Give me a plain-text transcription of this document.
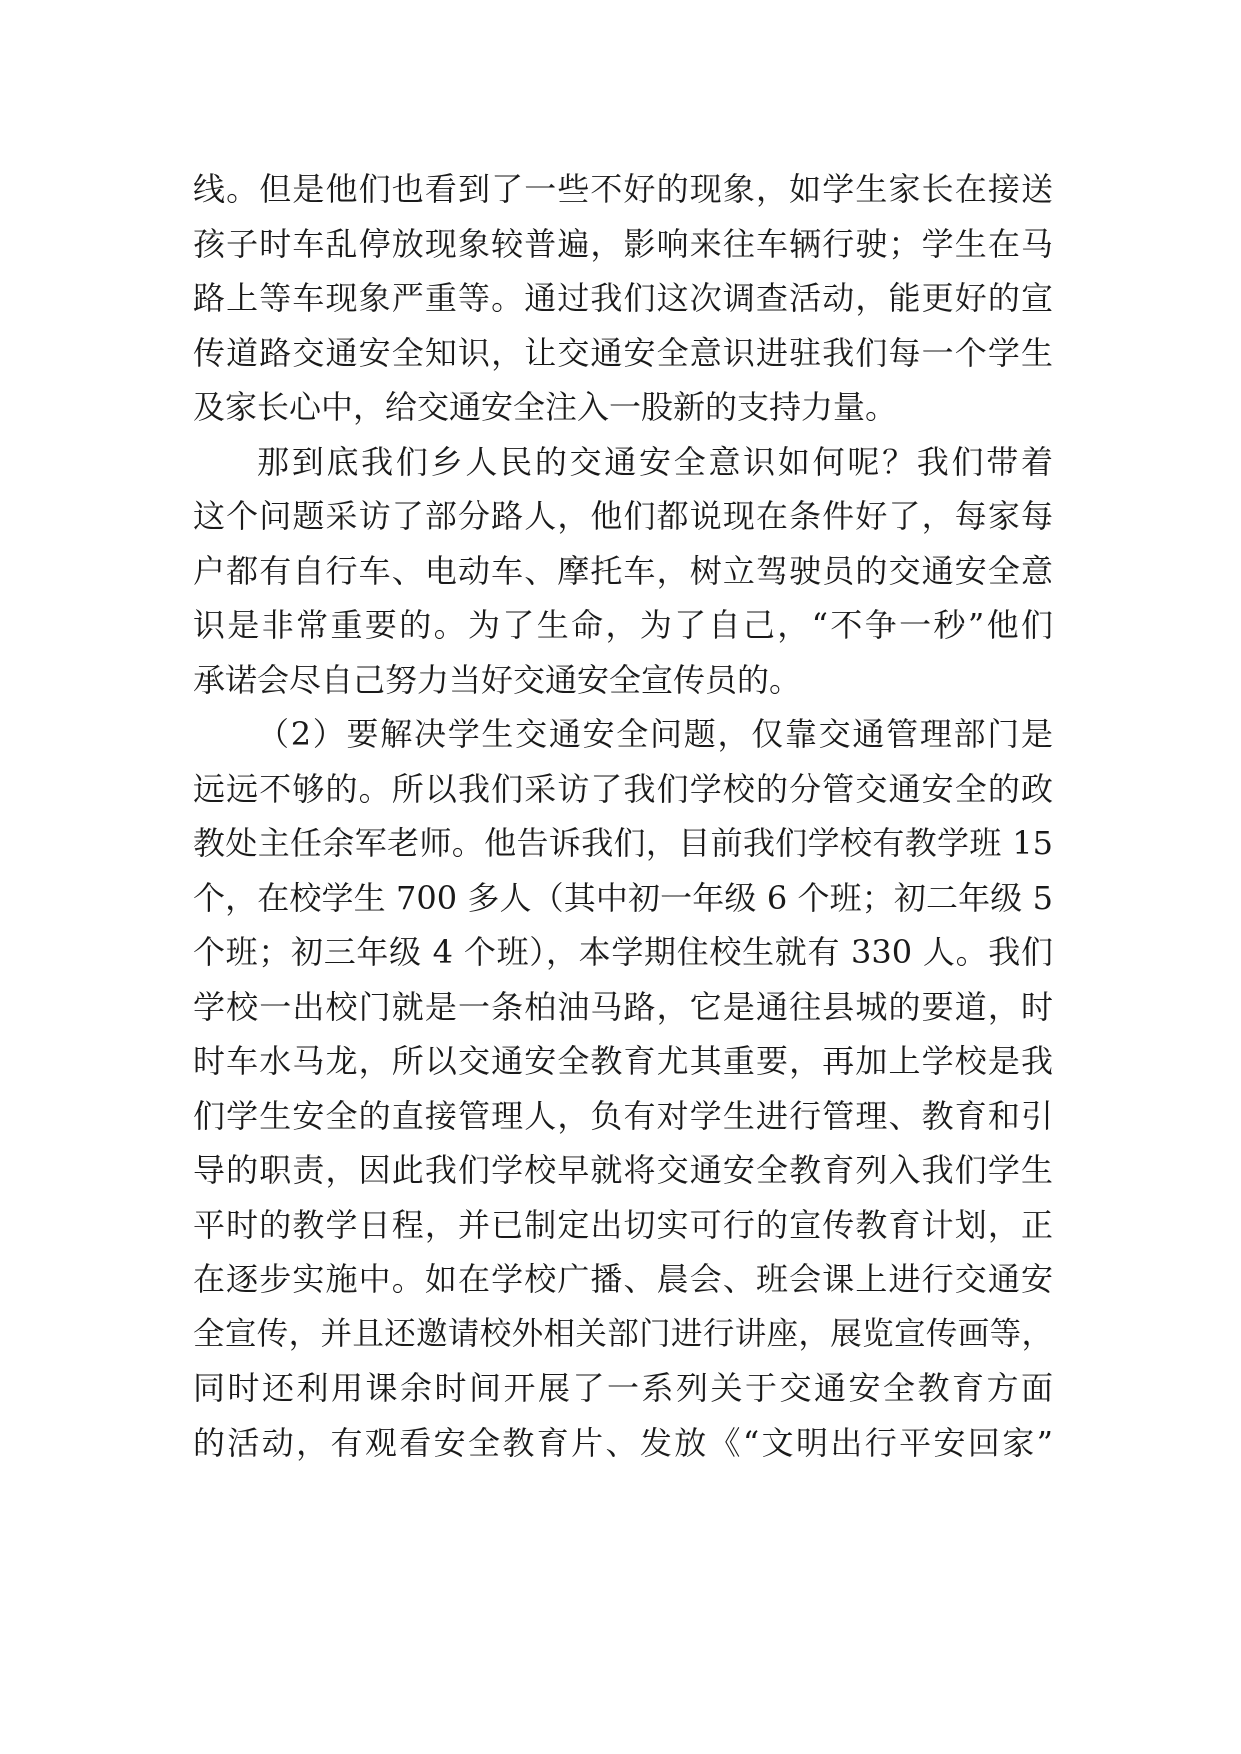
线。但是他们也看到了一些不好的现象，如学生家长在接送
孩子时车乱停放现象较普遍，影响来往车辆行驶；学生在马
路上等车现象严重等。通过我们这次调查活动，能更好的宣
传道路交通安全知识，让交通安全意识进驻我们每一个学生
及家长心中，给交通安全注入一股新的支持力量。
那到底我们乡人民的交通安全意识如何呢？我们带着
这个问题采访了部分路人，他们都说现在条件好了，每家每
户都有自行车、电动车、摩托车，树立驾驶员的交通安全意
识是非常重要的。为了生命，为了自己，“不争一秒”他们
承诺会尽自己努力当好交通安全宣传员的。
（2）要解决学生交通安全问题，仅靠交通管理部门是
远远不够的。所以我们采访了我们学校的分管交通安全的政
教处主任余军老师。他告诉我们，目前我们学校有教学班 15
个，在校学生 700 多人（其中初一年级 6 个班；初二年级 5
个班；初三年级 4 个班），本学期住校生就有 330 人。我们
学校一出校门就是一条柏油马路，它是通往县城的要道，时
时车水马龙，所以交通安全教育尤其重要，再加上学校是我
们学生安全的直接管理人，负有对学生进行管理、教育和引
导的职责，因此我们学校早就将交通安全教育列入我们学生
平时的教学日程，并已制定出切实可行的宣传教育计划，正
在逐步实施中。如在学校广播、晨会、班会课上进行交通安
全宣传，并且还邀请校外相关部门进行讲座，展览宣传画等，
同时还利用课余时间开展了一系列关于交通安全教育方面
的活动，有观看安全教育片、发放《“文明出行平安回家”
